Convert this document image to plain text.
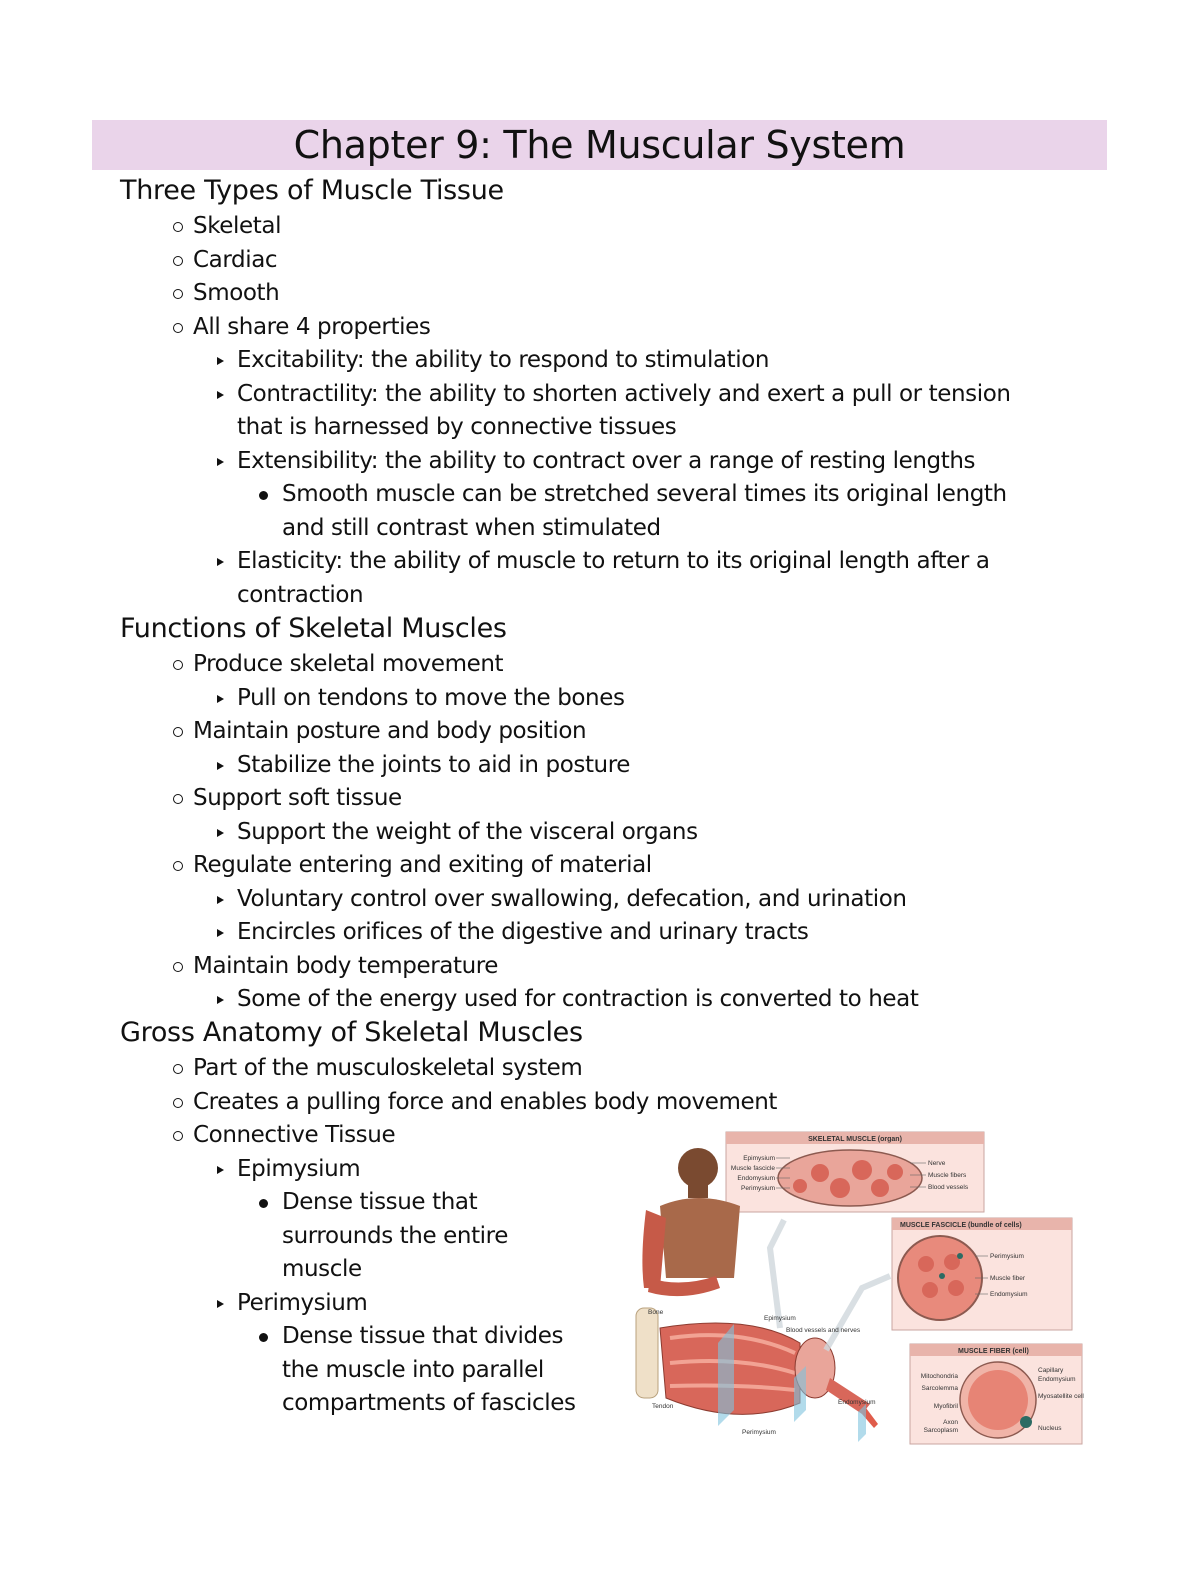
Chapter 9: The Muscular System
Three Types of Muscle Tissue
Skeletal
Cardiac
Smooth
All share 4 properties
Excitability: the ability to respond to stimulation
Contractility: the ability to shorten actively and exert a pull or tension
that is harnessed by connective tissues
Extensibility: the ability to contract over a range of resting lengths
Smooth muscle can be stretched several times its original length
and still contrast when stimulated
Elasticity: the ability of muscle to return to its original length after a
contraction
Functions of Skeletal Muscles
Produce skeletal movement
Pull on tendons to move the bones
Maintain posture and body position
Stabilize the joints to aid in posture
Support soft tissue
Support the weight of the visceral organs
Regulate entering and exiting of material
Voluntary control over swallowing, defecation, and urination
Encircles orifices of the digestive and urinary tracts
Maintain body temperature
Some of the energy used for contraction is converted to heat
Gross Anatomy of Skeletal Muscles
Part of the musculoskeletal system
Creates a pulling force and enables body movement
Connective Tissue
Epimysium
Dense tissue that
surrounds the entire
muscle
Perimysium
Dense tissue that divides
the muscle into parallel
compartments of fascicles
SKELETAL MUSCLE (organ)
Epimysium
Muscle fascicle
Endomysium
Perimysium
Nerve
Muscle fibers
Blood vessels
MUSCLE FASCICLE (bundle of cells)
Perimysium
Muscle fiber
Endomysium
MUSCLE FIBER (cell)
Mitochondria
Sarcolemma
Myofibril
Axon
Sarcoplasm
Capillary
Endomysium
Myosatellite cell
Nucleus
Bone
Tendon
Epimysium
Blood vessels and nerves
Endomysium
Perimysium
